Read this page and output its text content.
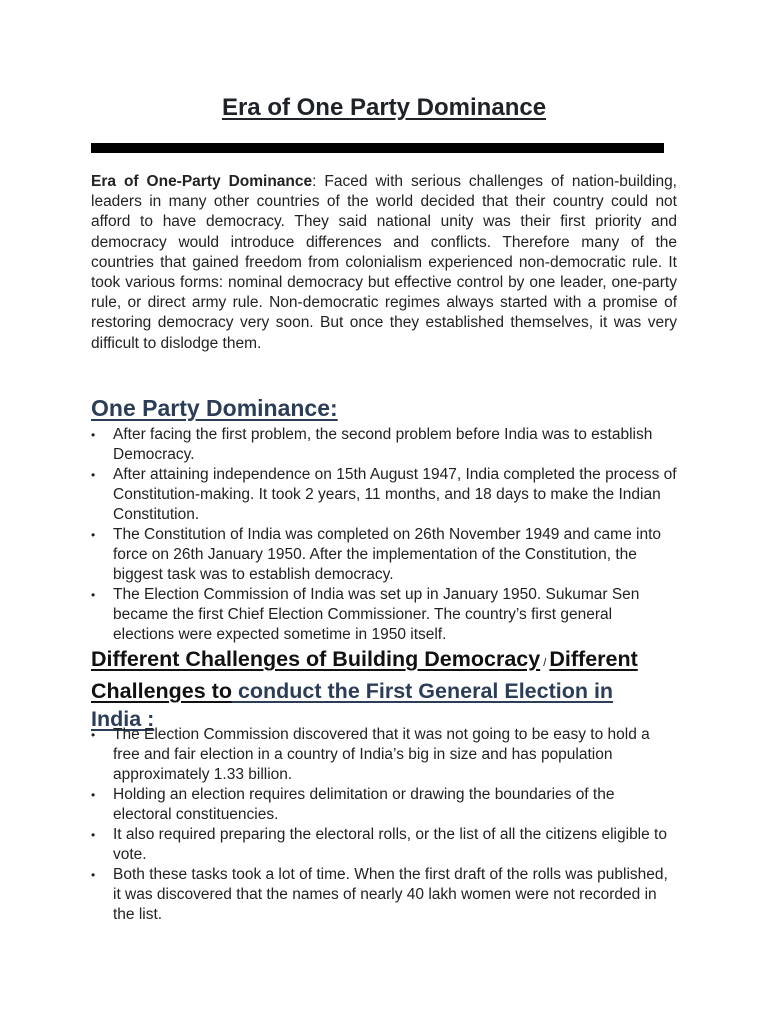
Era of One Party Dominance

Era of One-Party Dominance: Faced with serious challenges of nation-building, leaders in many other countries of the world decided that their country could not afford to have democracy. They said national unity was their first priority and democracy would introduce differences and conflicts. Therefore many of the countries that gained freedom from colonialism experienced non-democratic rule. It took various forms: nominal democracy but effective control by one leader, one-party rule, or direct army rule. Non-democratic regimes always started with a promise of restoring democracy very soon. But once they established themselves, it was very difficult to dislodge them.

One Party Dominance:
•	After facing the first problem, the second problem before India was to establish Democracy.
•	After attaining independence on 15th August 1947, India completed the process of Constitution-making. It took 2 years, 11 months, and 18 days to make the Indian Constitution.
•	The Constitution of India was completed on 26th November 1949 and came into force on 26th January 1950. After the implementation of the Constitution, the biggest task was to establish democracy.
•	The Election Commission of India was set up in January 1950. Sukumar Sen became the first Chief Election Commissioner. The country’s first general elections were expected sometime in 1950 itself.
Different Challenges of Building Democracy / Different Challenges to conduct the First General Election in
India :
•	The Election Commission discovered that it was not going to be easy to hold a free and fair election in a country of India’s big in size and has population approximately 1.33 billion.
•	Holding an election requires delimitation or drawing the boundaries of the electoral constituencies.
•	It also required preparing the electoral rolls, or the list of all the citizens eligible to vote.
•	Both these tasks took a lot of time. When the first draft of the rolls was published, it was discovered that the names of nearly 40 lakh women were not recorded in the list.
